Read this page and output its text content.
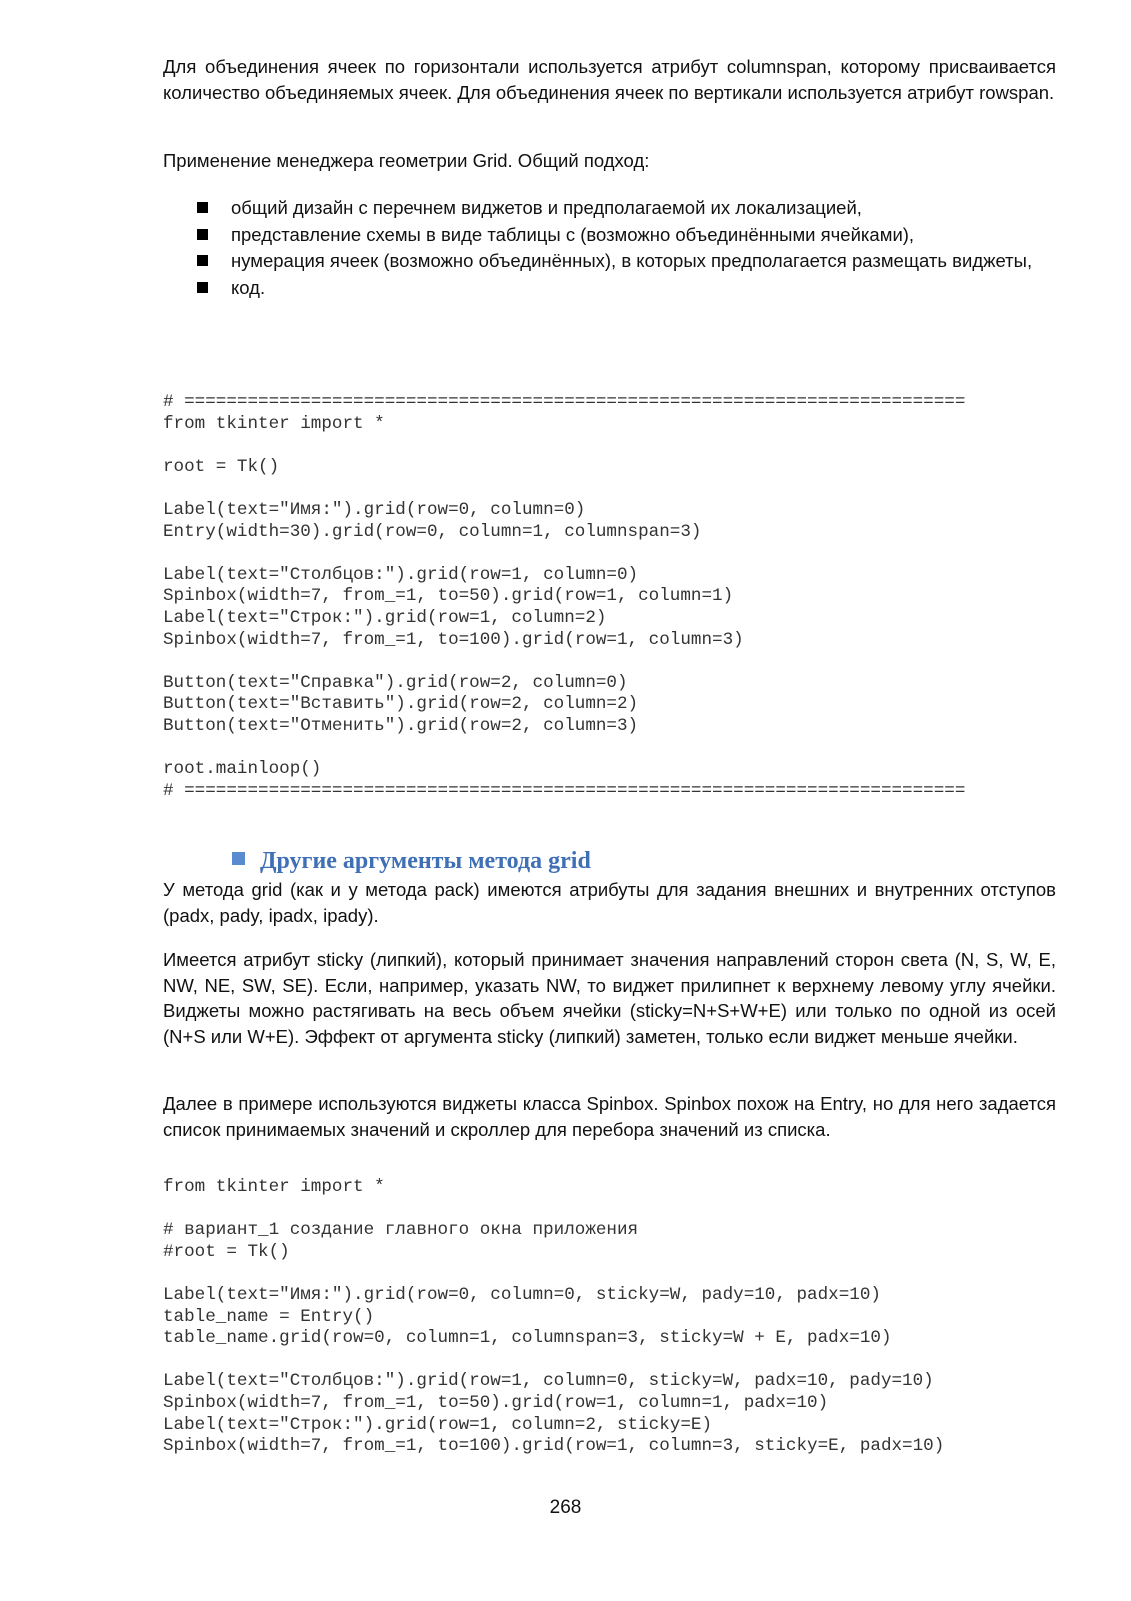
Для объединения ячеек по горизонтали используется атрибут columnspan, которому присваивается количество объединяемых ячеек. Для объединения ячеек по вертикали используется атрибут rowspan.

Применение менеджера геометрии Grid. Общий подход:

общий дизайн с перечнем виджетов и предполагаемой их локализацией,
представление схемы в виде таблицы с (возможно объединёнными ячейками),
нумерация ячеек (возможно объединённых), в которых предполагается размещать виджеты,
код.
# ==========================================================================
from tkinter import *

root = Tk()

Label(text="Имя:").grid(row=0, column=0)
Entry(width=30).grid(row=0, column=1, columnspan=3)

Label(text="Столбцов:").grid(row=1, column=0)
Spinbox(width=7, from_=1, to=50).grid(row=1, column=1)
Label(text="Строк:").grid(row=1, column=2)
Spinbox(width=7, from_=1, to=100).grid(row=1, column=3)

Button(text="Справка").grid(row=2, column=0)
Button(text="Вставить").grid(row=2, column=2)
Button(text="Отменить").grid(row=2, column=3)

root.mainloop()
# ==========================================================================
Другие аргументы метода grid

У метода grid (как и у метода pack) имеются атрибуты для задания внешних и внутренних отступов (padx, pady, ipadx, ipady).

Имеется атрибут sticky (липкий), который принимает значения направлений сторон света (N, S, W, E, NW, NE, SW, SE). Если, например, указать NW, то виджет прилипнет к верхнему левому углу ячейки. Виджеты можно растягивать на весь объем ячейки (sticky=N+S+W+E) или только по одной из осей (N+S или W+E). Эффект от аргумента sticky (липкий) заметен, только если виджет меньше ячейки.

Далее в примере используются виджеты класса Spinbox. Spinbox похож на Entry, но для него задается список принимаемых значений и скроллер для перебора значений из списка.

from tkinter import *

# вариант_1 создание главного окна приложения
#root = Tk()

Label(text="Имя:").grid(row=0, column=0, sticky=W, pady=10, padx=10)
table_name = Entry()
table_name.grid(row=0, column=1, columnspan=3, sticky=W + E, padx=10)

Label(text="Столбцов:").grid(row=1, column=0, sticky=W, padx=10, pady=10)
Spinbox(width=7, from_=1, to=50).grid(row=1, column=1, padx=10)
Label(text="Строк:").grid(row=1, column=2, sticky=E)
Spinbox(width=7, from_=1, to=100).grid(row=1, column=3, sticky=E, padx=10)
268
